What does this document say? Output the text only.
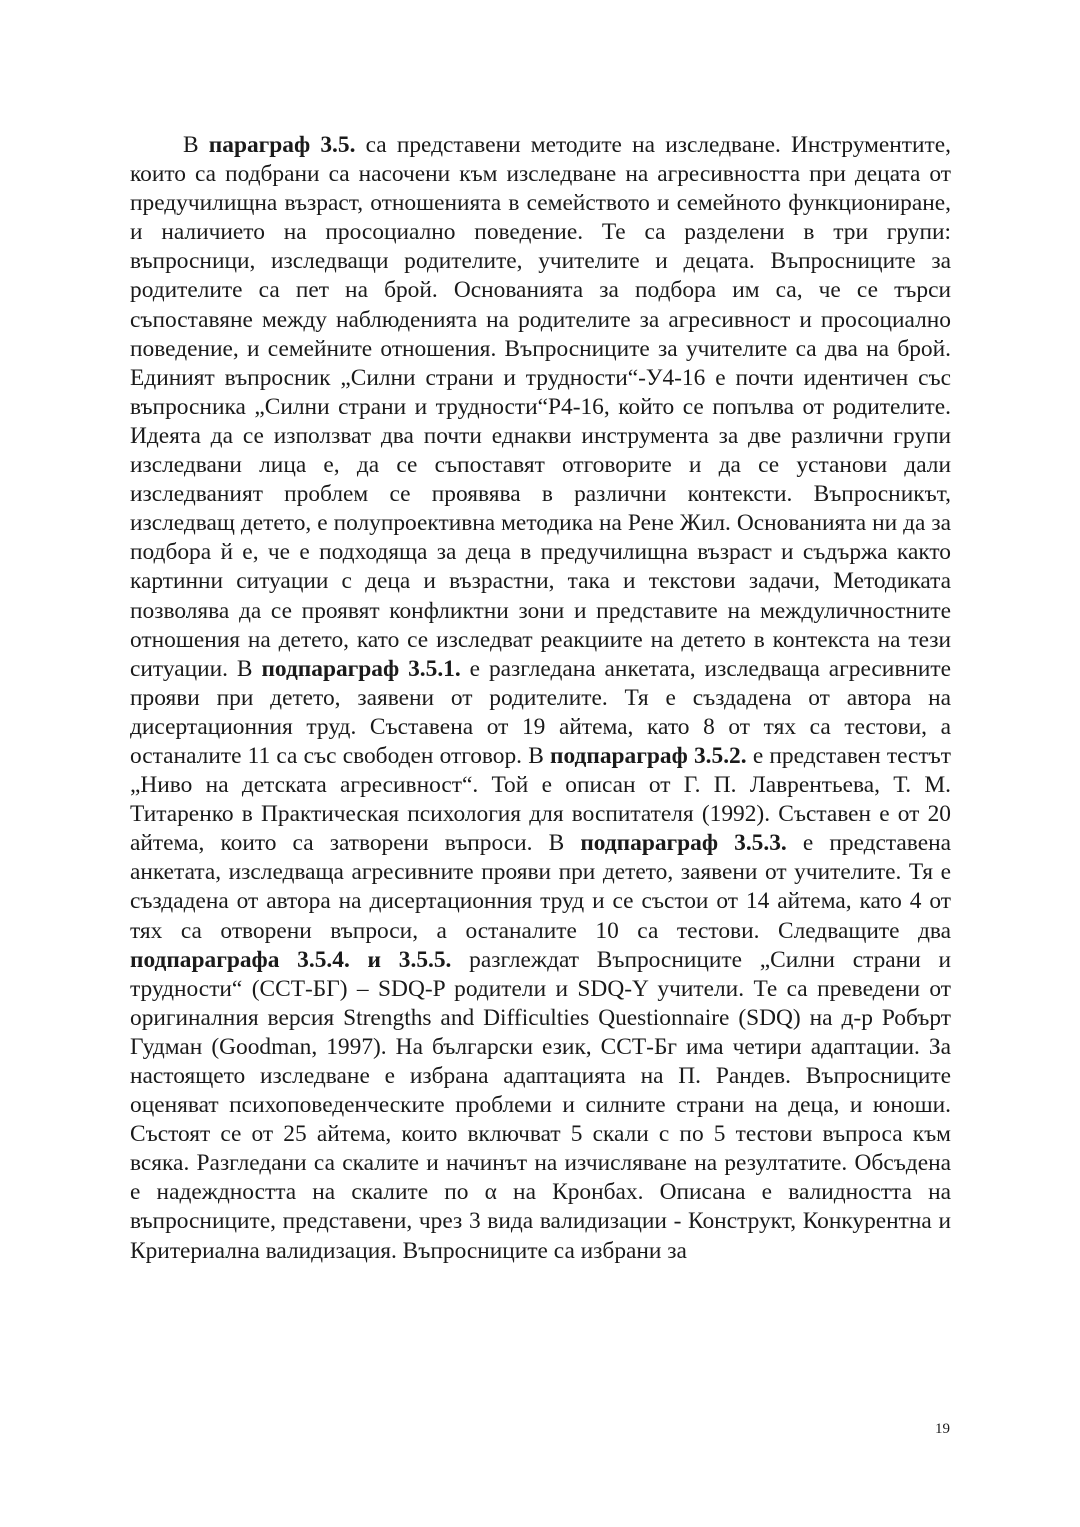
В параграф 3.5. са представени методите на изследване. Инструментите, които са подбрани са насочени към изследване на агресивността при децата от предучилищна възраст, отношенията в семейството и семейното функциониране, и наличието на просоциално поведение. Те са разделени в три групи: въпросници, изследващи родителите, учителите и децата. Въпросниците за родителите са пет на брой. Основанията за подбора им са, че се търси съпоставяне между наблюденията на родителите за агресивност и просоциално поведение, и семейните отношения. Въпросниците за учителите са два на брой. Единият въпросник „Силни страни и трудности“-У4-16 е почти идентичен със въпросника „Силни страни и трудности“Р4-16, който се попълва от родителите. Идеята да се използват два почти еднакви инструмента за две различни групи изследвани лица е, да се съпоставят отговорите и да се установи дали изследваният проблем се проявява в различни контексти. Въпросникът, изследващ детето, е полупроективна методика на Рене Жил. Основанията ни да за подбора й е, че е подходяща за деца в предучилищна възраст и съдържа както картинни ситуации с деца и възрастни, така и текстови задачи, Методиката позволява да се проявят конфликтни зони и представите на междуличностните отношения на детето, като се изследват реакциите на детето в контекста на тези ситуации. В подпараграф 3.5.1. е разгледана анкетата, изследваща агресивните прояви при детето, заявени от родителите. Тя е създадена от автора на дисертационния труд. Съставена от 19 айтема, като 8 от тях са тестови, а останалите 11 са със свободен отговор. В подпараграф 3.5.2. е представен тестът „Ниво на детската агресивност“. Той е описан от Г. П. Лаврентьева, Т. М. Титаренко в Практическая психология для воспитателя (1992). Съставен е от 20 айтема, които са затворени въпроси. В подпараграф 3.5.3. е представена анкетата, изследваща агресивните прояви при детето, заявени от учителите. Тя е създадена от автора на дисертационния труд и се състои от 14 айтема, като 4 от тях са отворени въпроси, а останалите 10 са тестови. Следващите два подпараграфа 3.5.4. и 3.5.5. разглеждат Въпросниците „Силни страни и трудности“ (ССТ-БГ) – SDQ-P родители и SDQ-Y учители. Те са преведени от оригиналния версия Strengths and Difficulties Questionnaire (SDQ) на д-р Робърт Гудман (Goodman, 1997). На български език, ССТ-Бг има четири адаптации. За настоящето изследване е избрана адаптацията на П. Рандев. Въпросниците оценяват психоповеденческите проблеми и силните страни на деца, и юноши. Състоят се от 25 айтема, които включват 5 скали с по 5 тестови въпроса към всяка. Разгледани са скалите и начинът на изчисляване на резултатите. Обсъдена е надеждността на скалите по α на Кронбах. Описана е валидността на въпросниците, представени, чрез 3 вида валидизации - Конструкт, Конкурентна и Критериална валидизация. Въпросниците са избрани за

19
